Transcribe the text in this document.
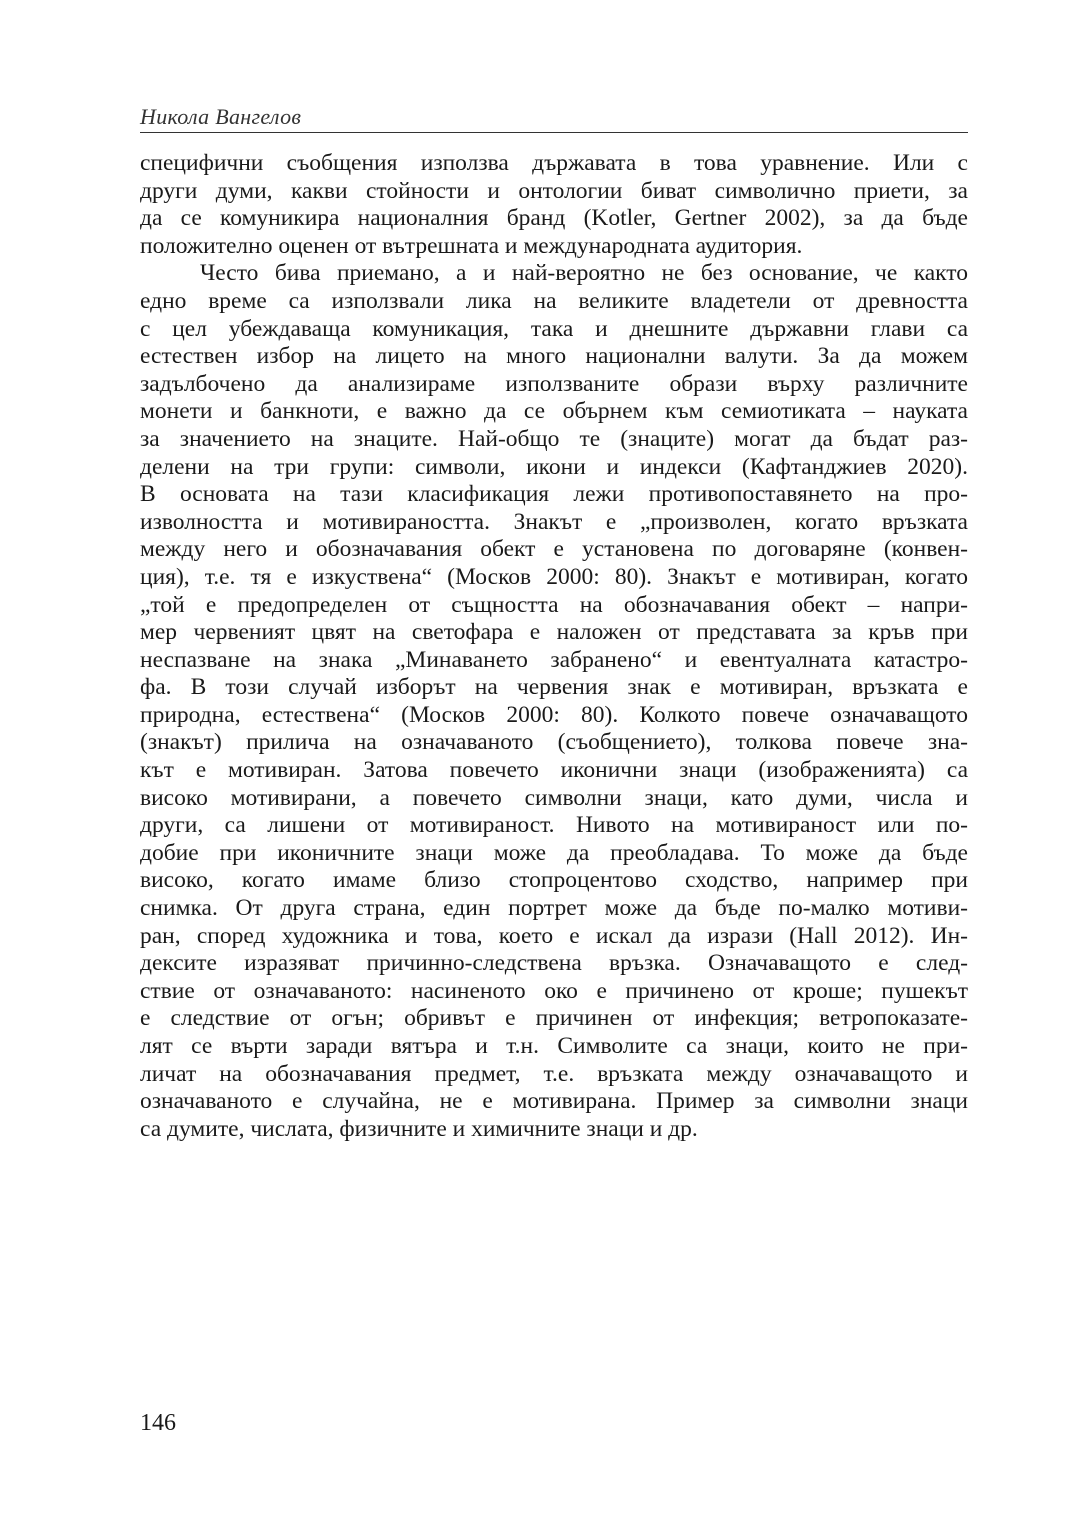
Никола Вангелов
специфични съобщения използва държавата в това уравнение. Или с
други думи, какви стойности и онтологии биват символично приети, за
да се комуникира националния бранд (Kotler, Gertner 2002), за да бъде
положително оценен от вътрешната и международната аудитория.
Често бива приемано, а и най-вероятно не без основание, че както
едно време са използвали лика на великите владетели от древността
с цел убеждаваща комуникация, така и днешните държавни глави са
естествен избор на лицето на много национални валути. За да можем
задълбочено да анализираме използваните образи върху различните
монети и банкноти, е важно да се обърнем към семиотиката – науката
за значението на знаците. Най-общо те (знаците) могат да бъдат раз-
делени на три групи: символи, икони и индекси (Кафтанджиев 2020).
В основата на тази класификация лежи противопоставянето на про-
изволността и мотивираността. Знакът е „произволен, когато връзката
между него и обозначавания обект е установена по договаряне (конвен-
ция), т.е. тя е изкуствена“ (Москов 2000: 80). Знакът е мотивиран, когато
„той е предопределен от същността на обозначавания обект – напри-
мер червеният цвят на светофара е наложен от представата за кръв при
неспазване на знака „Минаването забранено“ и евентуалната катастро-
фа. В този случай изборът на червения знак е мотивиран, връзката е
природна, естествена“ (Москов 2000: 80). Колкото повече означаващото
(знакът) прилича на означаваното (съобщението), толкова повече зна-
кът е мотивиран. Затова повечето иконични знаци (изображенията) са
високо мотивирани, а повечето символни знаци, като думи, числа и
други, са лишени от мотивираност. Нивото на мотивираност или по-
добие при иконичните знаци може да преобладава. То може да бъде
високо, когато имаме близо стопроцентово сходство, например при
снимка. От друга страна, един портрет може да бъде по-малко мотиви-
ран, според художника и това, което е искал да изрази (Hall 2012). Ин-
дексите изразяват причинно-следствена връзка. Означаващото е след-
ствие от означаваното: насиненото око е причинено от кроше; пушекът
е следствие от огън; обривът е причинен от инфекция; ветропоказате-
лят се върти заради вятъра и т.н. Символите са знаци, които не при-
личат на обозначавания предмет, т.е. връзката между означаващото и
означаваното е случайна, не е мотивирана. Пример за символни знаци
са думите, числата, физичните и химичните знаци и др.
146
